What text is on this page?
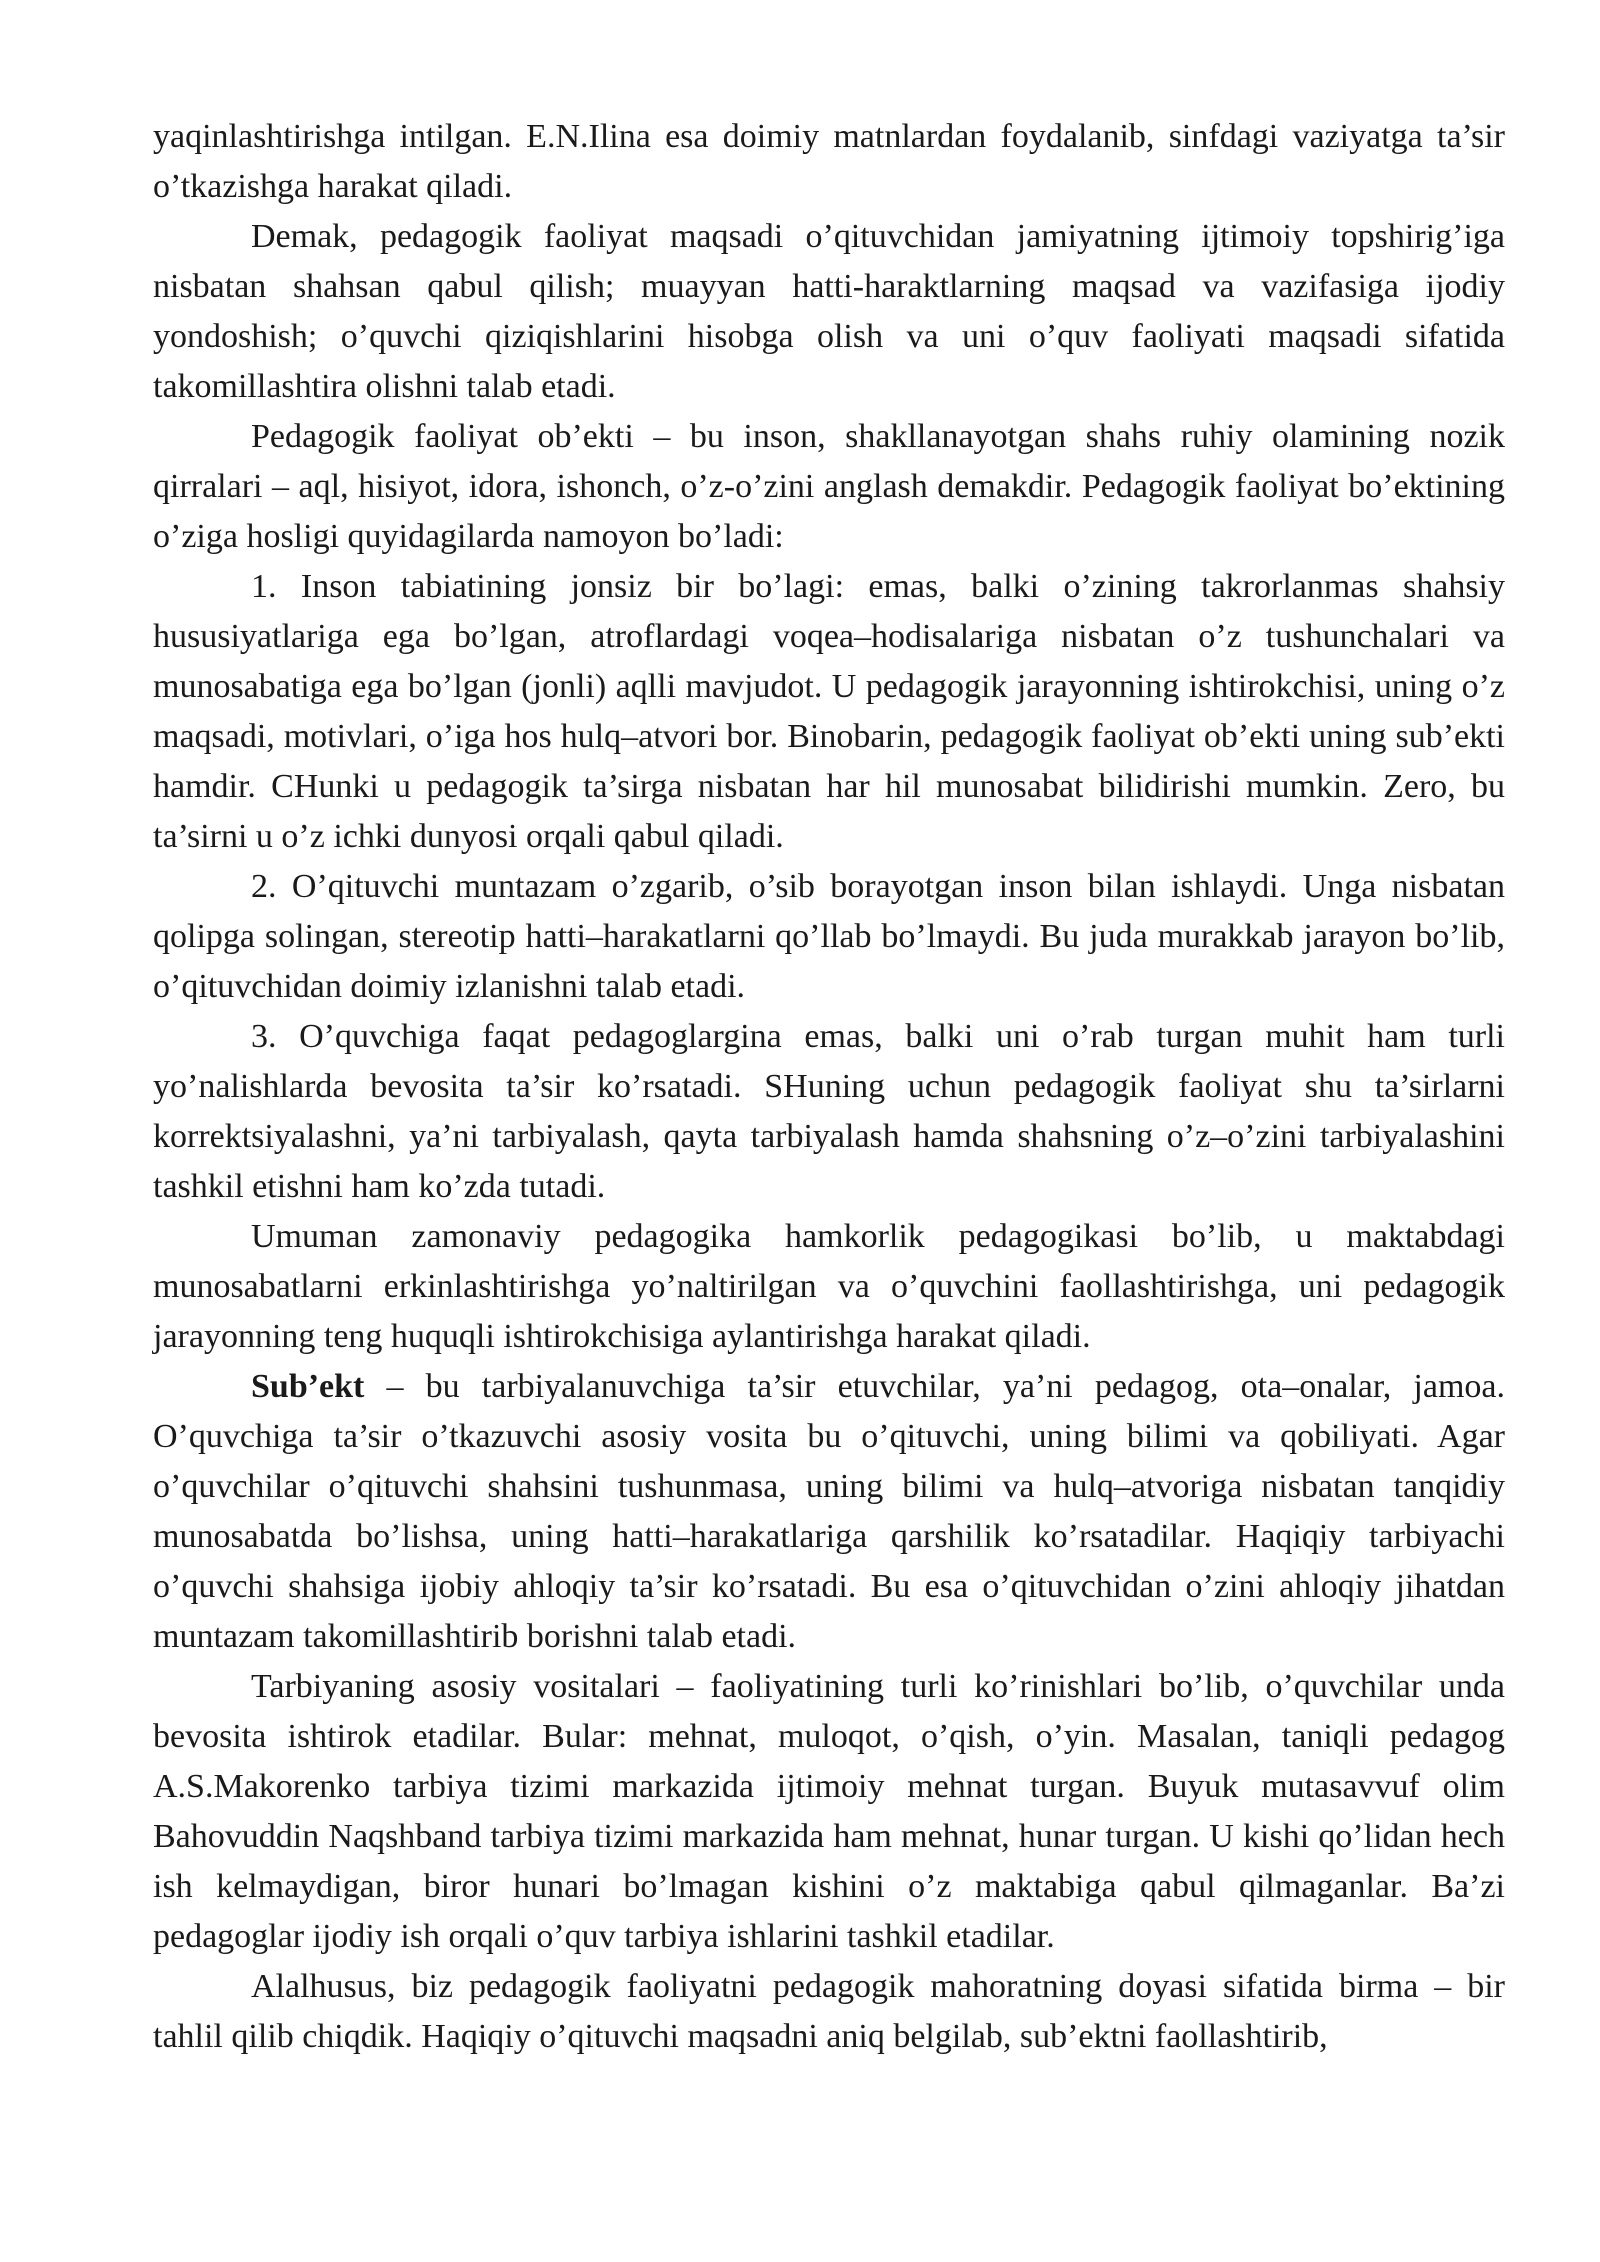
yaqinlashtirishga intilgan. E.N.Ilina esa doimiy matnlardan foydalanib, sinfdagi vaziyatga ta’sir o’tkazishga harakat qiladi.

Demak, pedagogik faoliyat maqsadi o’qituvchidan jamiyatning ijtimoiy topshirig’iga nisbatan shahsan qabul qilish; muayyan hatti-haraktlarning maqsad va vazifasiga ijodiy yondoshish; o’quvchi qiziqishlarini hisobga olish va uni o’quv faoliyati maqsadi sifatida takomillashtira olishni talab etadi.

Pedagogik faoliyat ob’ekti – bu inson, shakllanayotgan shahs ruhiy olamining nozik qirralari – aql, hisiyot, idora, ishonch, o’z-o’zini anglash demakdir. Pedagogik faoliyat bo’ektining o’ziga hosligi quyidagilarda namoyon bo’ladi:

1. Inson tabiatining jonsiz bir bo’lagi: emas, balki o’zining takrorlanmas shahsiy hususiyatlariga ega bo’lgan, atroflardagi voqea–hodisalariga nisbatan o’z tushunchalari va munosabatiga ega bo’lgan (jonli) aqlli mavjudot. U pedagogik jarayonning ishtirokchisi, uning o’z maqsadi, motivlari, o’iga hos hulq–atvori bor. Binobarin, pedagogik faoliyat ob’ekti uning sub’ekti hamdir. CHunki u pedagogik ta’sirga nisbatan har hil munosabat bilidirishi mumkin. Zero, bu ta’sirni u o’z ichki dunyosi orqali qabul qiladi.

2. O’qituvchi muntazam o’zgarib, o’sib borayotgan inson bilan ishlaydi. Unga nisbatan qolipga solingan, stereotip hatti–harakatlarni qo’llab bo’lmaydi. Bu juda murakkab jarayon bo’lib, o’qituvchidan doimiy izlanishni talab etadi.

3. O’quvchiga faqat pedagoglargina emas, balki uni o’rab turgan muhit ham turli yo’nalishlarda bevosita ta’sir ko’rsatadi. SHuning uchun pedagogik faoliyat shu ta’sirlarni korrektsiyalashni, ya’ni tarbiyalash, qayta tarbiyalash hamda shahsning o’z–o’zini tarbiyalashini tashkil etishni ham ko’zda tutadi.

Umuman zamonaviy pedagogika hamkorlik pedagogikasi bo’lib, u maktabdagi munosabatlarni erkinlashtirishga yo’naltirilgan va o’quvchini faollashtirishga, uni pedagogik jarayonning teng huquqli ishtirokchisiga aylantirishga harakat qiladi.

Sub’ekt – bu tarbiyalanuvchiga ta’sir etuvchilar, ya’ni pedagog, ota–onalar, jamoa. O’quvchiga ta’sir o’tkazuvchi asosiy vosita bu o’qituvchi, uning bilimi va qobiliyati. Agar o’quvchilar o’qituvchi shahsini tushunmasa, uning bilimi va hulq–atvoriga nisbatan tanqidiy munosabatda bo’lishsa, uning hatti–harakatlariga qarshilik ko’rsatadilar. Haqiqiy tarbiyachi o’quvchi shahsiga ijobiy ahloqiy ta’sir ko’rsatadi. Bu esa o’qituvchidan o’zini ahloqiy jihatdan muntazam takomillashtirib borishni talab etadi.

Tarbiyaning asosiy vositalari – faoliyatining turli ko’rinishlari bo’lib, o’quvchilar unda bevosita ishtirok etadilar. Bular: mehnat, muloqot, o’qish, o’yin. Masalan, taniqli pedagog A.S.Makorenko tarbiya tizimi markazida ijtimoiy mehnat turgan. Buyuk mutasavvuf olim Bahovuddin Naqshband tarbiya tizimi markazida ham mehnat, hunar turgan. U kishi qo’lidan hech ish kelmaydigan, biror hunari bo’lmagan kishini o’z maktabiga qabul qilmaganlar. Ba’zi pedagoglar ijodiy ish orqali o’quv tarbiya ishlarini tashkil etadilar.

Alalhusus, biz pedagogik faoliyatni pedagogik mahoratning doyasi sifatida birma – bir tahlil qilib chiqdik. Haqiqiy o’qituvchi maqsadni aniq belgilab, sub’ektni faollashtirib,
